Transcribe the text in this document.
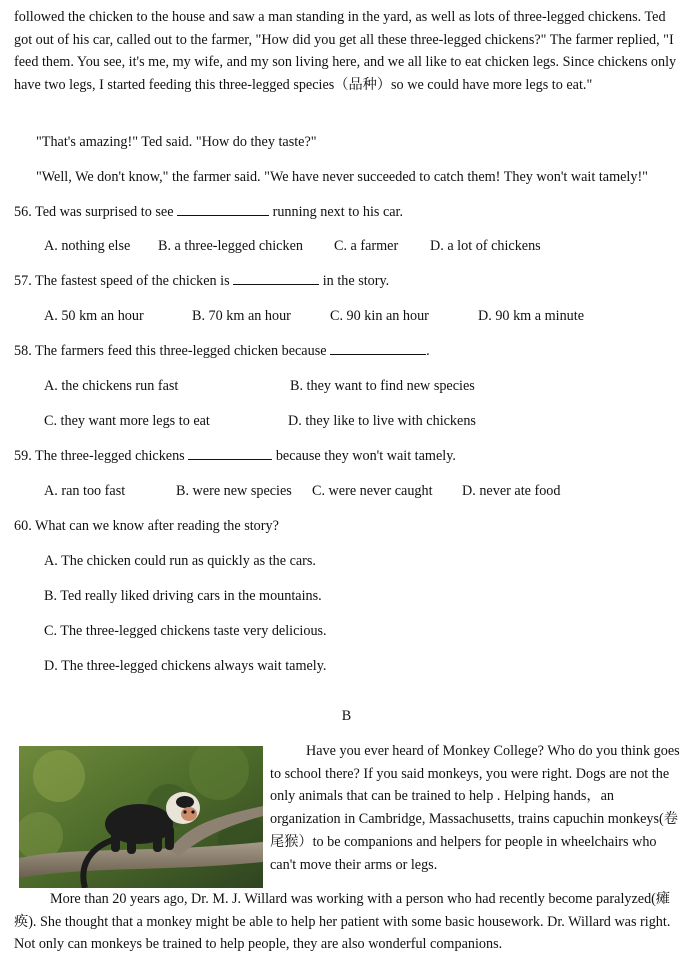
followed the chicken to the house and saw a man standing in the yard, as well as lots of three-legged chickens. Ted got out of his car, called out to the farmer, "How did you get all these three-legged chickens?" The farmer replied, "I feed them. You see, it's me, my wife, and my son living here, and we all like to eat chicken legs. Since chickens only have two legs, I started feeding this three-legged species（品种）so we could have more legs to eat."

"That's amazing!" Ted said. "How do they taste?"

"Well, We don't know," the farmer said. "We have never succeeded to catch them! They won't wait tamely!"

56. Ted was surprised to see	running next to his car.

A. nothing else B. a three-legged chicken C. a farmer D. a lot of chickens

57. The fastest speed of the chicken is	in the story.

A. 50 km an hour	B. 70 km an hour	C. 90 kin an hour	D. 90 km a minute

58. The farmers feed this three-legged chicken because	.

A. the chickens run fast	B. they want to find new species

C. they want more legs to eat	D. they like to live with chickens

59. The three-legged chickens	because they won't wait tamely.

A. ran too fast	B. were new species C. were never caught D. never ate food

60. What can we know after reading the story?

A. The chicken could run as quickly as the cars.

B. Ted really liked driving cars in the mountains.

C. The three-legged chickens taste very delicious.

D. The three-legged chickens always wait tamely.

B

Have you ever heard of Monkey College? Who do you think goes to school there? If you said monkeys, you were right. Dogs are not the only animals that can be trained to help . Helping hands，an organization in Cambridge, Massachusetts, trains capuchin monkeys(卷尾猴）to be companions and helpers for people in wheelchairs who can't move their arms or legs.

More than 20 years ago, Dr. M. J. Willard was working with a person who had recently become paralyzed(瘫痪). She thought that a monkey might be able to help her patient with some basic housework. Dr. Willard was right. Not only can monkeys be trained to help people, they are also wonderful companions.
